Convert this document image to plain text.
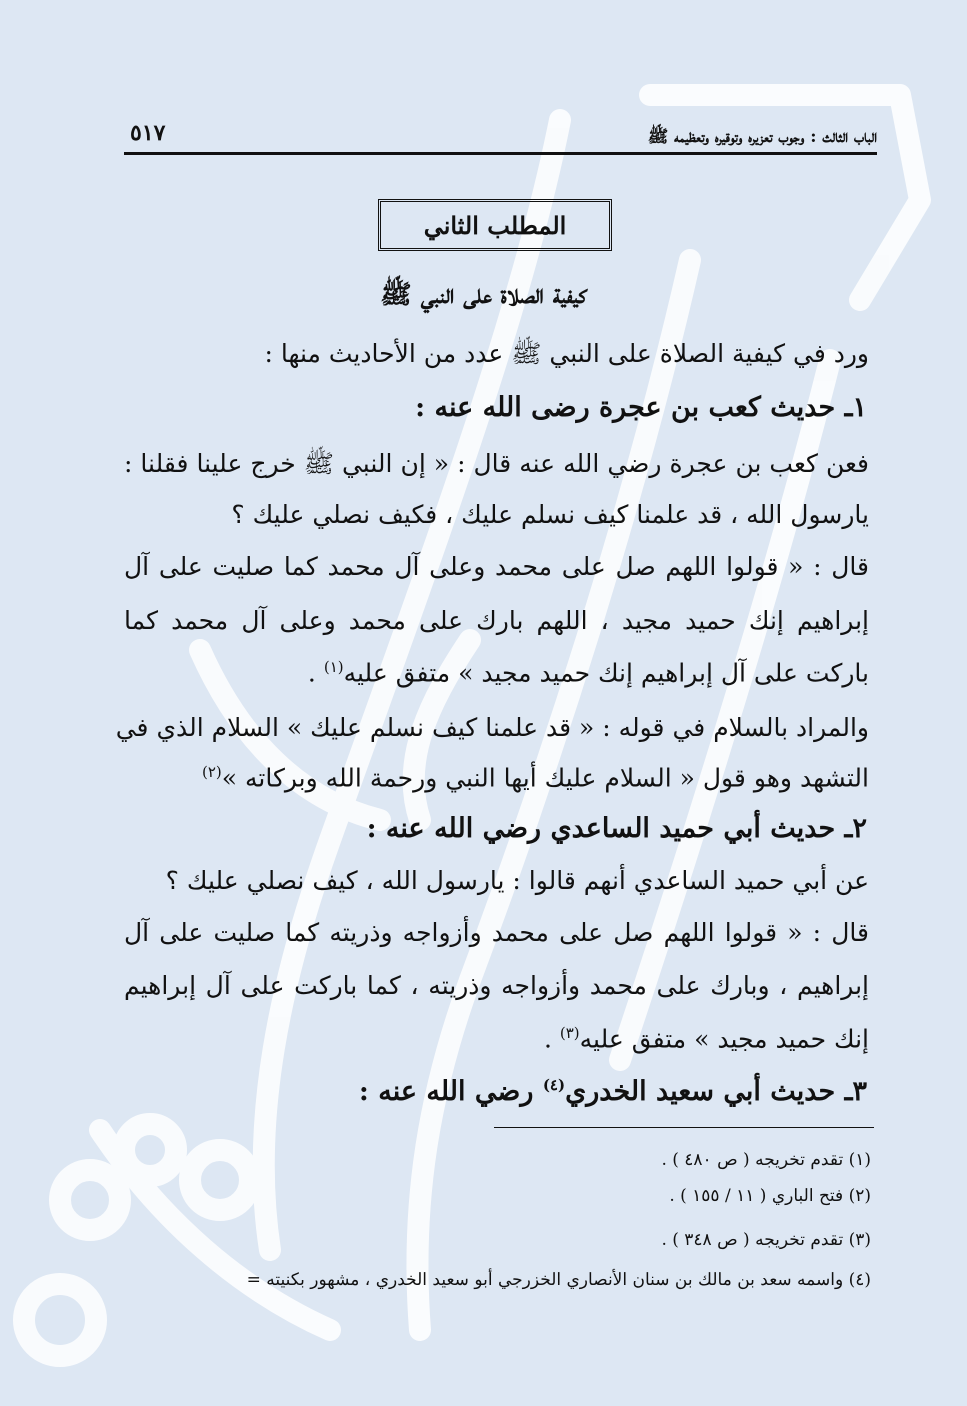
الباب الثالث : وجوب تعزيره وتوقيره وتعظيمه ﷺ
٥١٧
المطلب الثاني
كيفية الصلاة على النبي ﷺ
ورد في كيفية الصلاة على النبي ﷺ عدد من الأحاديث منها :
١ـ حديث كعب بن عجرة رضى الله عنه :
فعن كعب بن عجرة رضي الله عنه قال : « إن النبي ﷺ خرج علينا فقلنا :
يارسول الله ، قد علمنا كيف نسلم عليك ، فكيف نصلي عليك ؟
قال : « قولوا اللهم صل على محمد وعلى آل محمد كما صليت على آل
إبراهيم إنك حميد مجيد ، اللهم بارك على محمد وعلى آل محمد كما
باركت على آل إبراهيم إنك حميد مجيد » متفق عليه$^{(١)}$ .
والمراد بالسلام في قوله : « قد علمنا كيف نسلم عليك » السلام الذي في
التشهد وهو قول « السلام عليك أيها النبي ورحمة الله وبركاته »$^{(٢)}$
٢ـ حديث أبي حميد الساعدي رضي الله عنه :
عن أبي حميد الساعدي أنهم قالوا : يارسول الله ، كيف نصلي عليك ؟
قال : « قولوا اللهم صل على محمد وأزواجه وذريته كما صليت على آل
إبراهيم ، وبارك على محمد وأزواجه وذريته ، كما باركت على آل إبراهيم
إنك حميد مجيد » متفق عليه$^{(٣)}$ .
٣ـ حديث أبي سعيد الخدري$^{(٤)}$ رضي الله عنه :
(١) تقدم تخريجه ( ص ٤٨٠ ) .
(٢) فتح الباري ( ١١ / ١٥٥ ) .
(٣) تقدم تخريجه ( ص ٣٤٨ ) .
(٤) واسمه سعد بن مالك بن سنان الأنصاري الخزرجي أبو سعيد الخدري ، مشهور بكنيته =
